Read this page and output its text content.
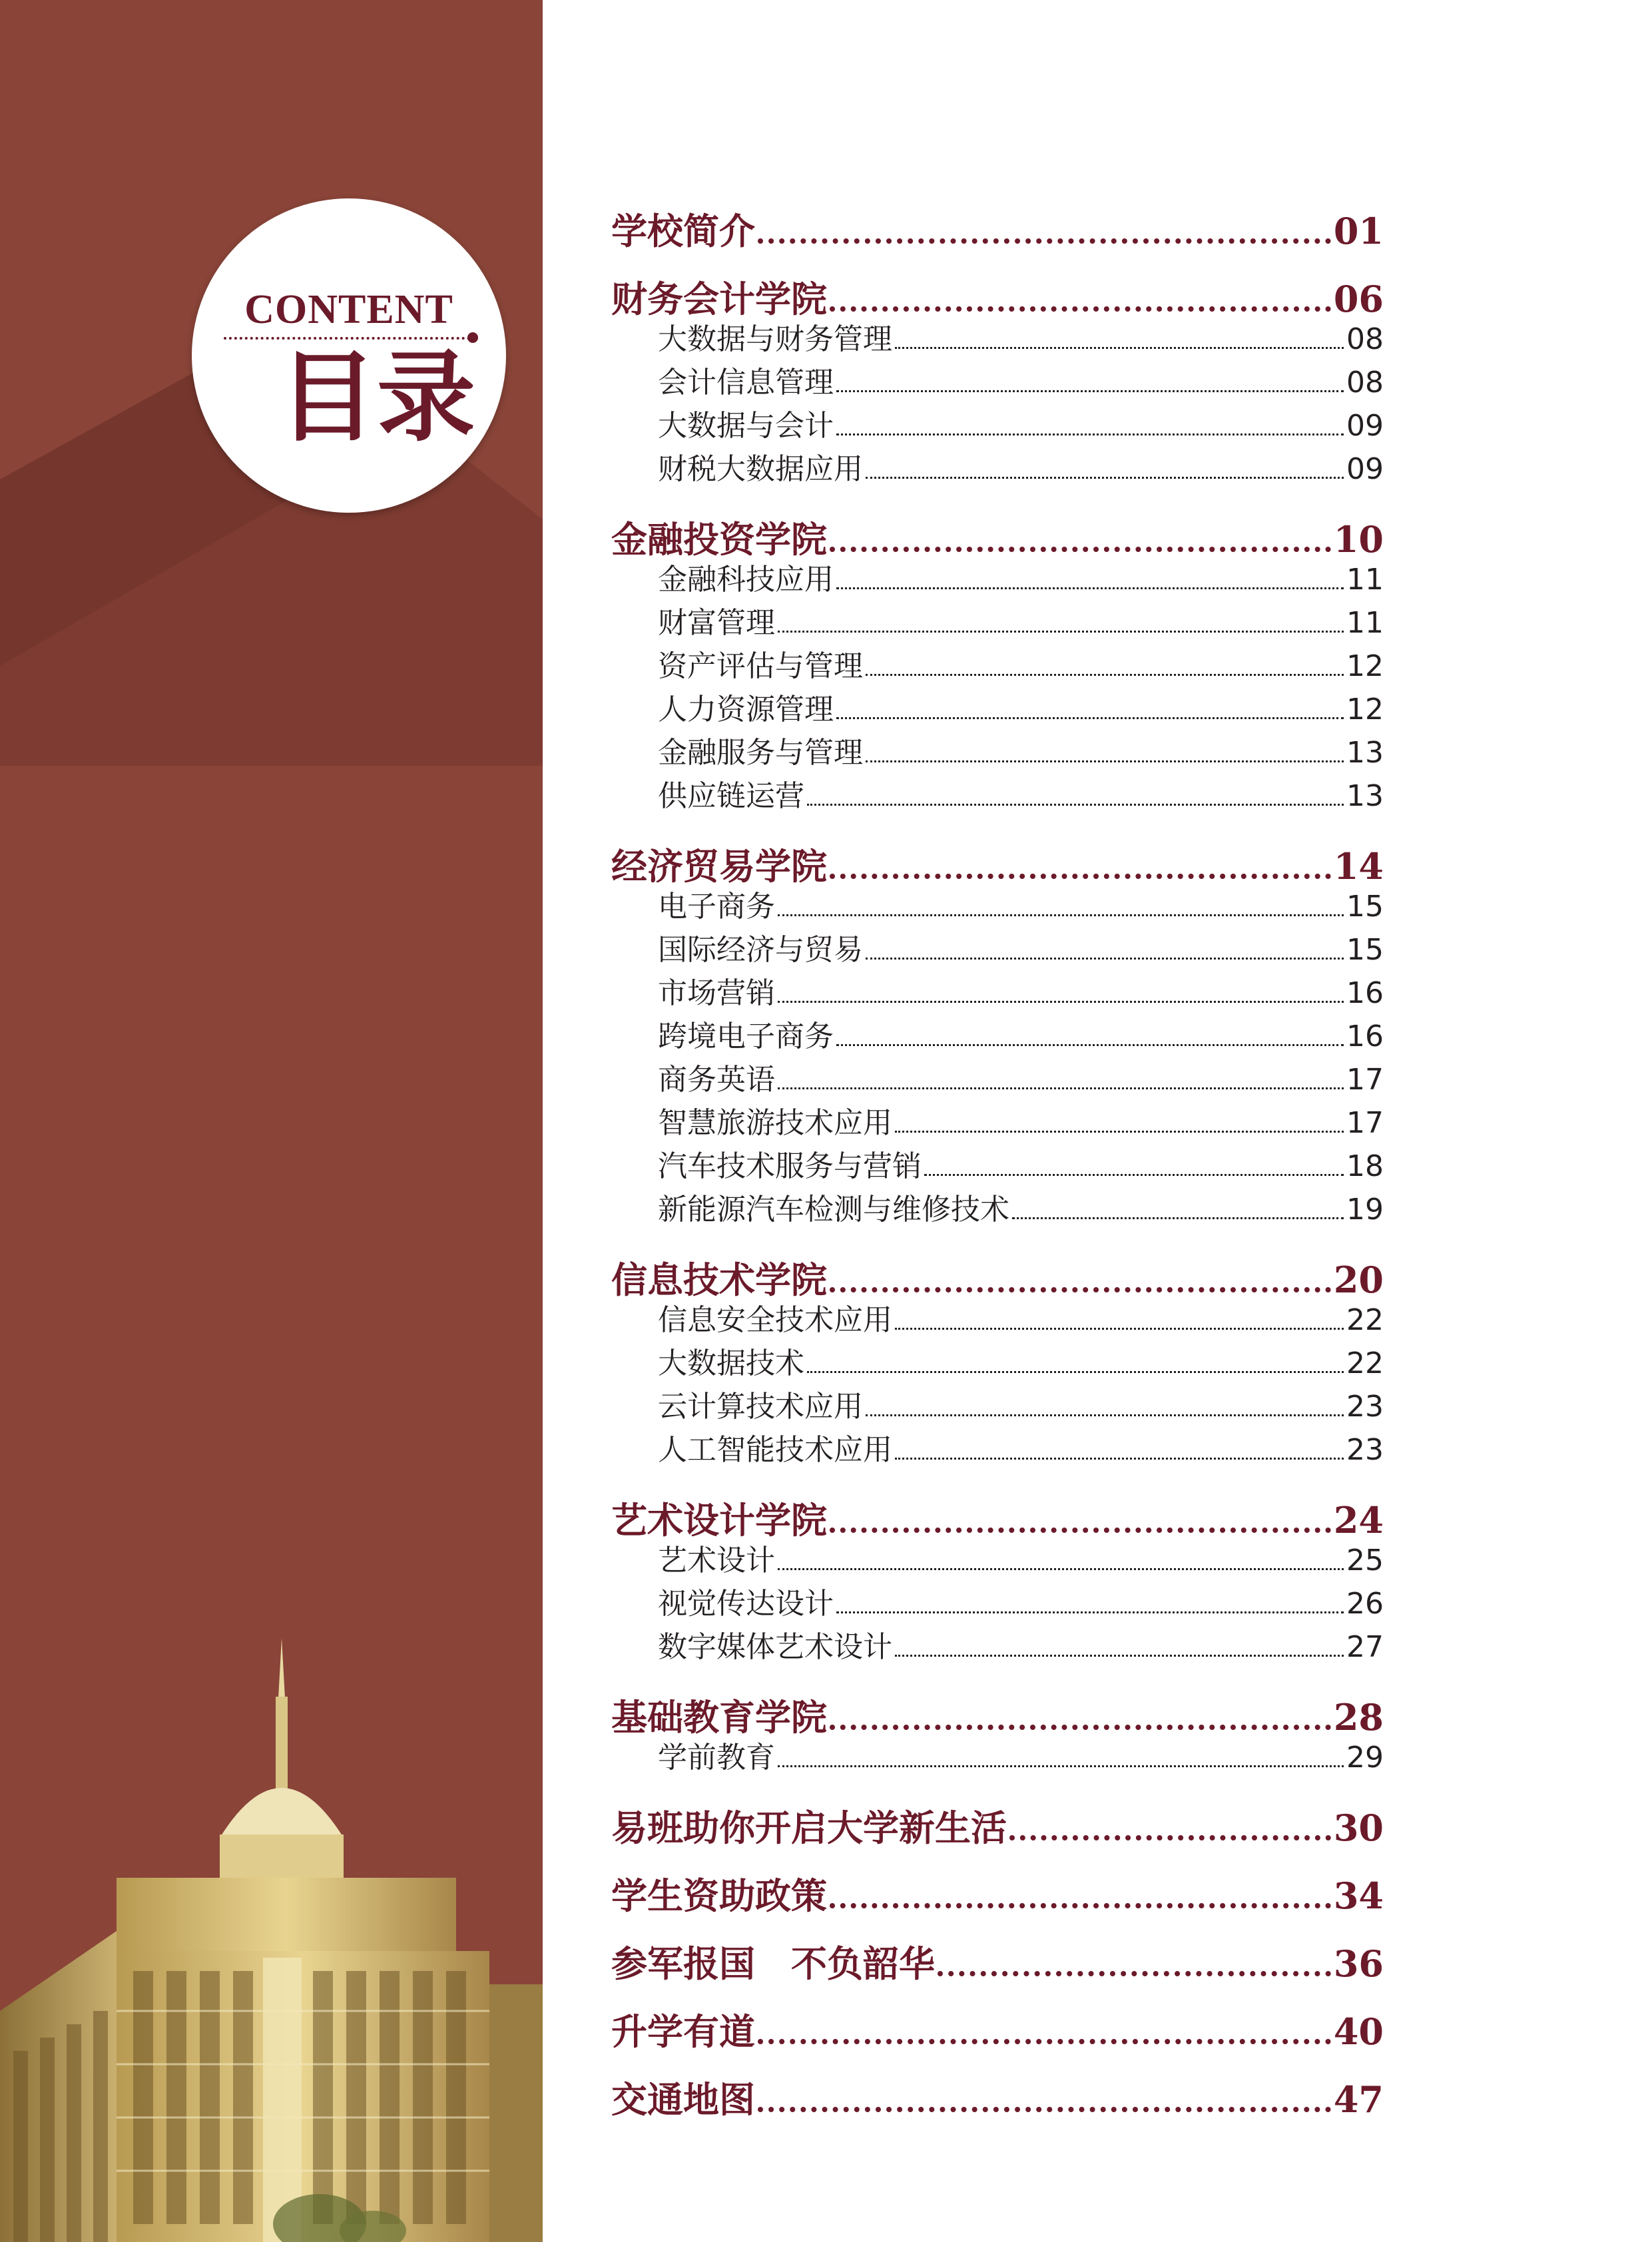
CONTENT
目录
学校简介	01
财务会计学院	06
大数据与财务管理	08
会计信息管理	08
大数据与会计	09
财税大数据应用	09
金融投资学院	10
金融科技应用	11
财富管理	11
资产评估与管理	12
人力资源管理	12
金融服务与管理	13
供应链运营	13
经济贸易学院	14
电子商务	15
国际经济与贸易	15
市场营销	16
跨境电子商务	16
商务英语	17
智慧旅游技术应用	17
汽车技术服务与营销	18
新能源汽车检测与维修技术	19
信息技术学院	20
信息安全技术应用	22
大数据技术	22
云计算技术应用	23
人工智能技术应用	23
艺术设计学院	24
艺术设计	25
视觉传达设计	26
数字媒体艺术设计	27
基础教育学院	28
学前教育	29
易班助你开启大学新生活	30
学生资助政策	34
参军报国　不负韶华	36
升学有道	40
交通地图	47
